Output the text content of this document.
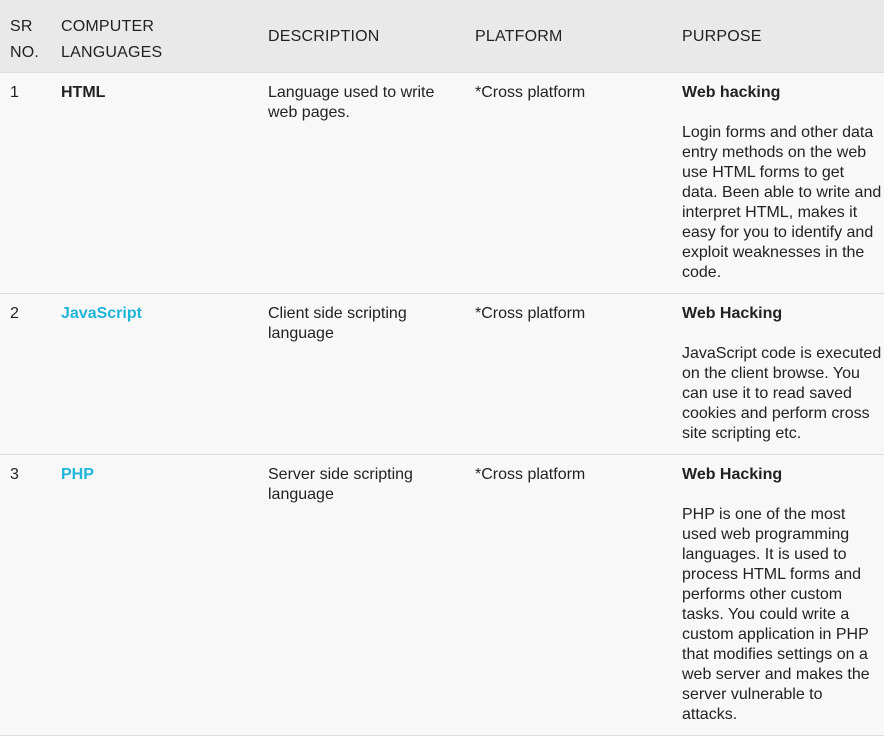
SR NO.	COMPUTER LANGUAGES	DESCRIPTION	PLATFORM	PURPOSE
1	HTML	Language used to write web pages.	*Cross platform	Web hacking
Login forms and other data entry methods on the web use HTML forms to get data. Been able to write and interpret HTML, makes it easy for you to identify and exploit weaknesses in the code.

2	JavaScript	Client side scripting language	*Cross platform	Web Hacking
JavaScript code is executed on the client browse. You can use it to read saved cookies and perform cross site scripting etc.

3	PHP	Server side scripting language	*Cross platform	Web Hacking
PHP is one of the most used web programming languages. It is used to process HTML forms and performs other custom tasks. You could write a custom application in PHP that modifies settings on a web server and makes the server vulnerable to attacks.
